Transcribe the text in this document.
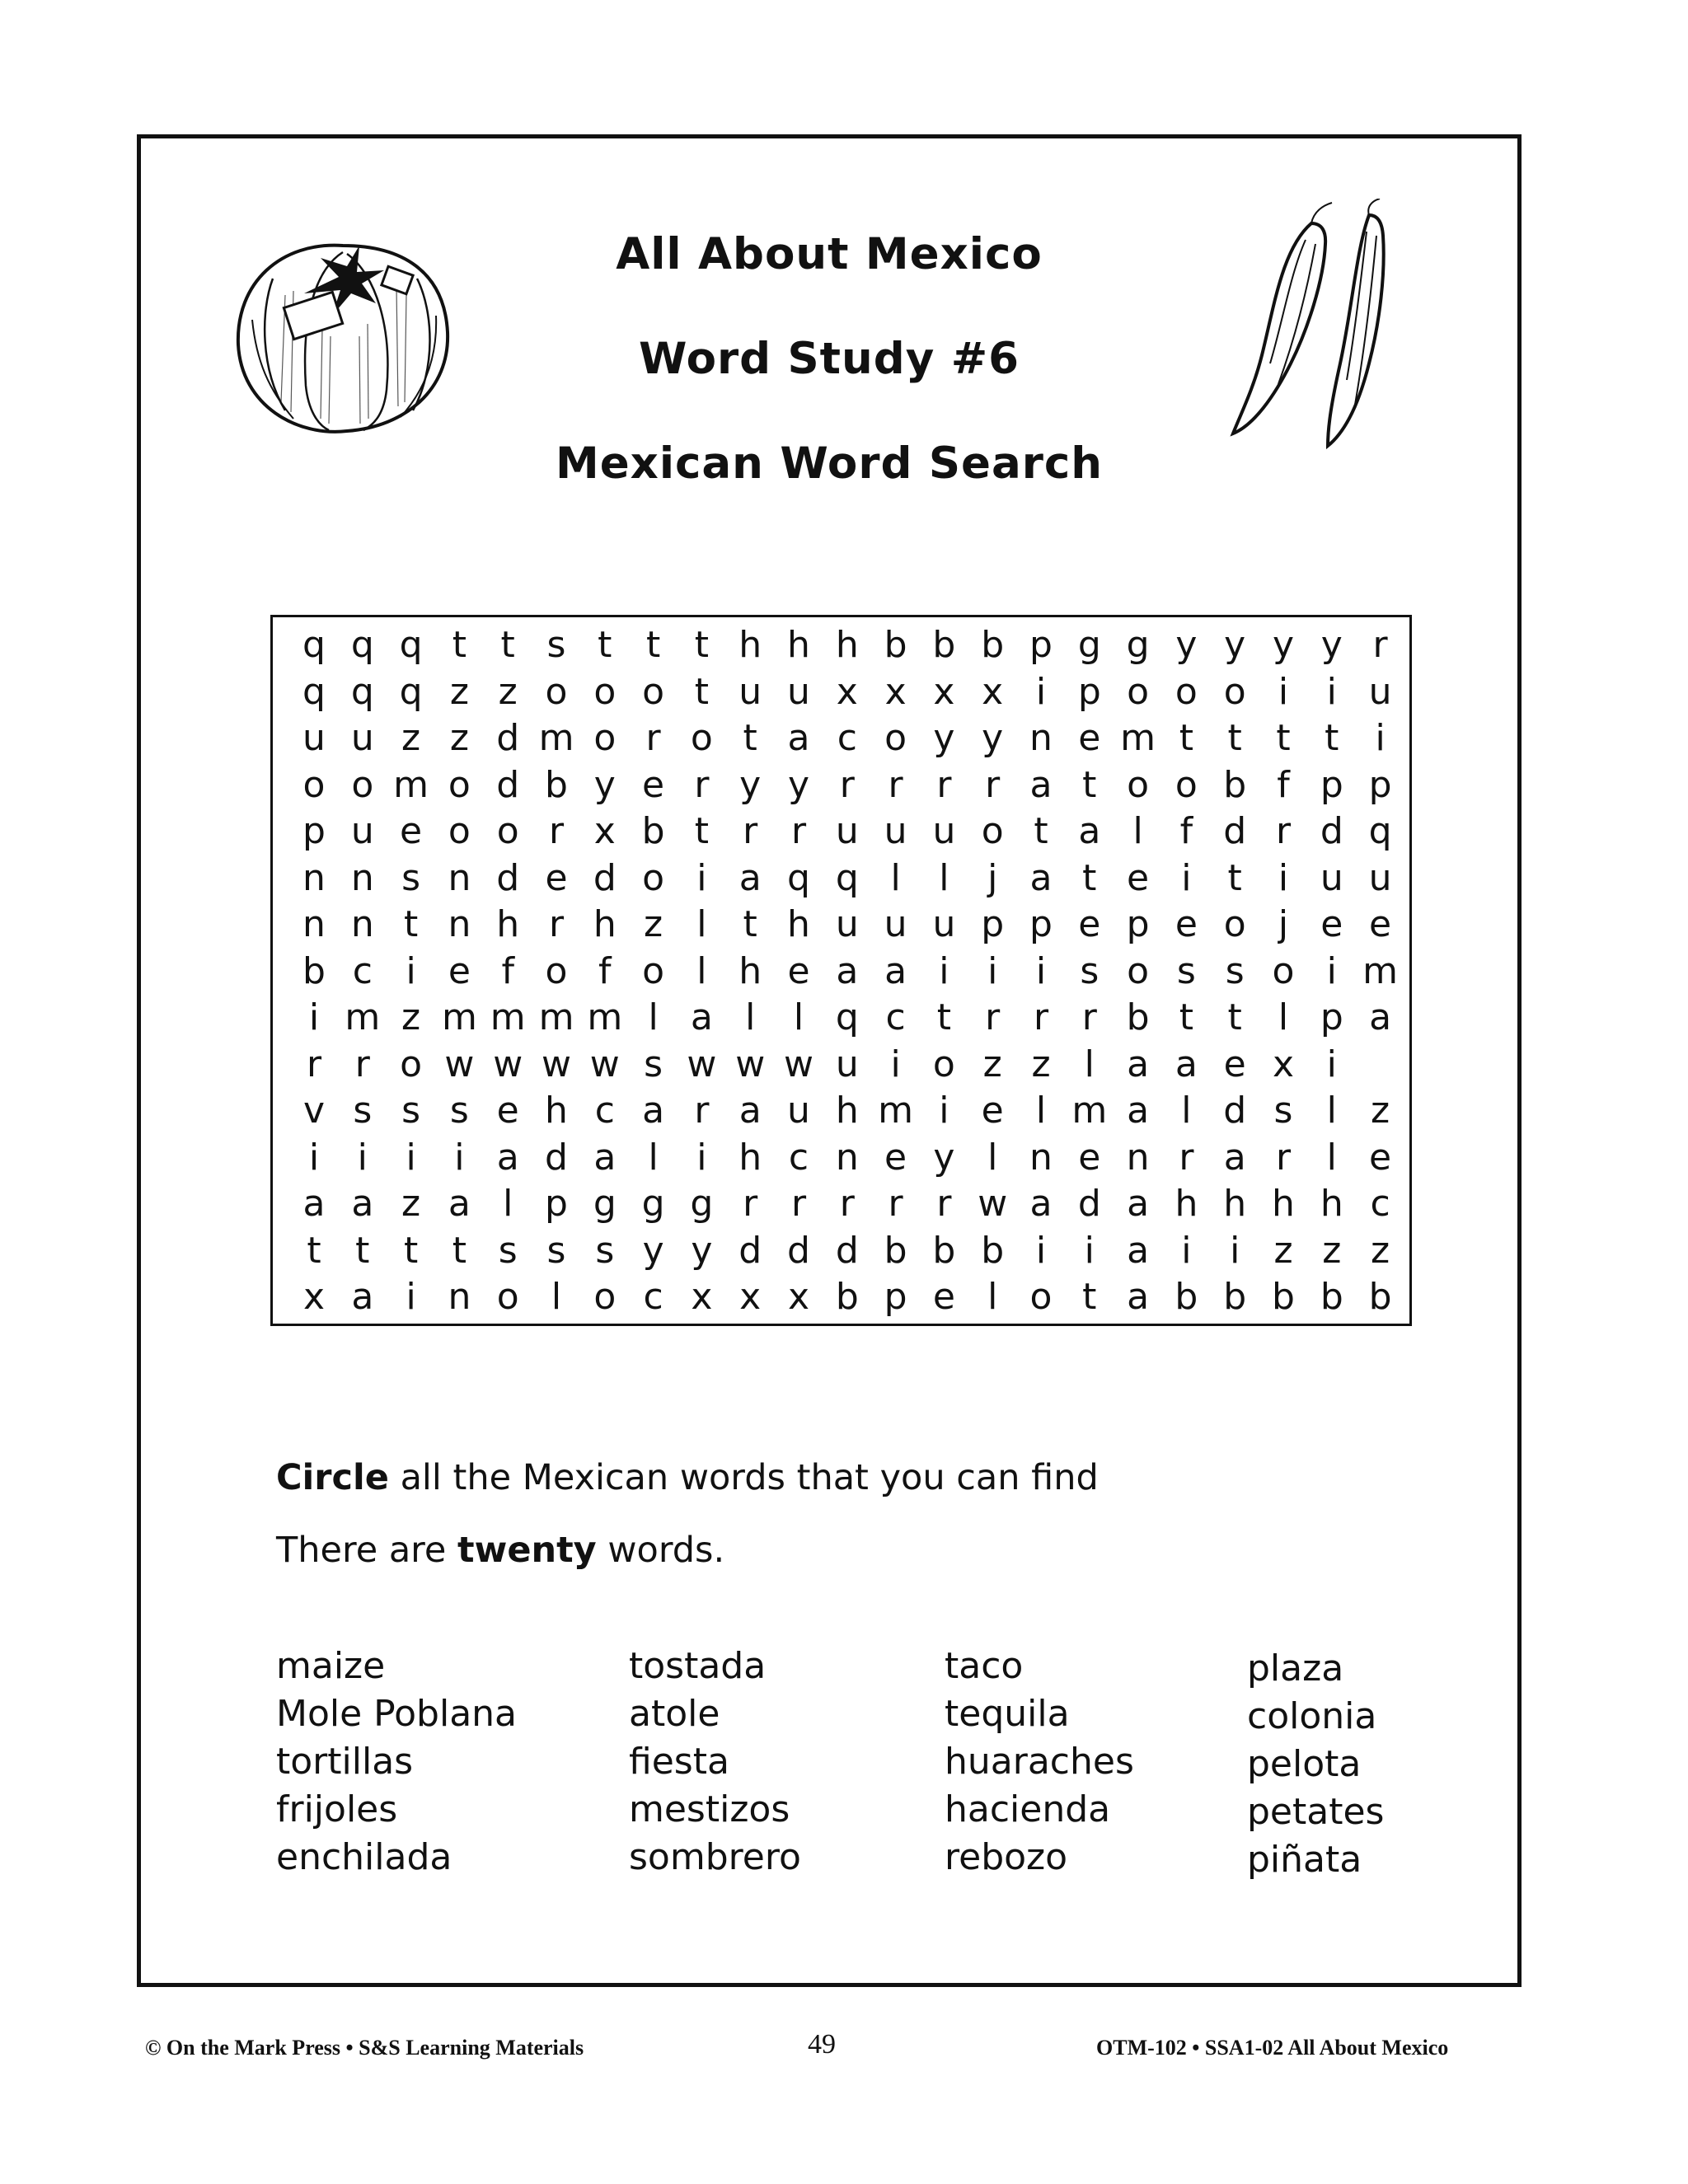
All About Mexico
Word Study #6
Mexican Word Search
q q q t t s t t t h h h b b b p g g y y y y r
q q q z z o o o t u u x x x x i p o o o i	i u
u u z z d m o r o t a c o y y n e m t t t t	i
o o m o d b y e r y y r r r r a t o o b f p p
p u e o o r x b t r r u u u o t a l	f d r d q
n n s n d e d o i a q q l	l	j a t e i	t	i u u
n n t n h r h z l	t h u u u p p e p e o j e e
b c i e f o f o l h e a a i	i	i s o s s o i m
i m z m m m m l a l	l q c t r r r b t t	l p a
r r o w w w w s w w w u i o z z l a a e x i
v s s s e h c a r a u h m i e l m a l d s l z
i	i	i	i a d a l	i h c n e y l n e n r a r l e
a a z a l p g g g r r r r r w a d a h h h h c
t t t t s s s y y d d d b b b i	i a i	i z z z
x a i n o l o c x x x b p e l o t a b b b b b
Circle all the Mexican words that you can find
There are twenty words.
maize
Mole Poblana
tortillas
frijoles
enchilada
tostada
atole
fiesta
mestizos
sombrero
taco
tequila
huaraches
hacienda
rebozo
plaza
colonia
pelota
petates
piñata
© On the Mark Press • S&S Learning Materials	49	OTM-102 • SSA1-02 All About Mexico
